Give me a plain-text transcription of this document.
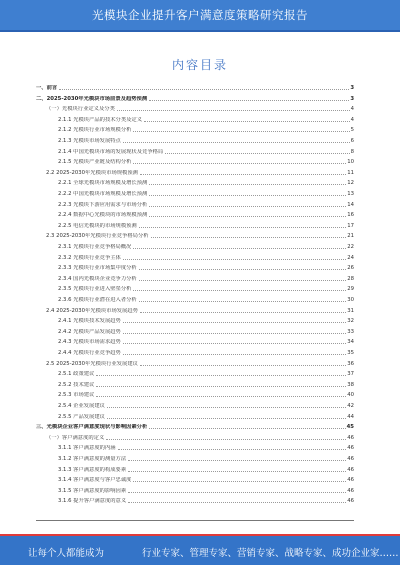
光模块企业提升客户满意度策略研究报告
内容目录
一、前言	3
二、2025-2030年光模块市场前景及趋势预测	3
（一）光模块行业定义及分类	4
2.1.1 光模块产品的技术分类及定义	4
2.1.2 光模块行业市场规模分析	5
2.1.3 光模块市场发展特点	6
2.1.4 中国光模块市场的发展现状及竞争格局	8
2.1.5 光模块产业链及结构分析	10
2.2 2025-2030年光模块市场规模预测	11
2.2.1 全球光模块市场规模及增长预测	12
2.2.2 中国光模块市场规模及增长预测	13
2.2.3 光模块下游应用需求与市场分析	14
2.2.4 数据中心光模块的市场规模预测	16
2.2.5 电信光模块的市场规模预测	17
2.3 2025-2030年光模块行业竞争格局分析	21
2.3.1 光模块行业竞争格局概况	22
2.3.2 光模块行业竞争主体	24
2.3.3 光模块行业市场集中度分析	26
2.3.4 国内光模块企业竞争力分析	28
2.3.5 光模块行业进入壁垒分析	29
2.3.6 光模块行业潜在进入者分析	30
2.4 2025-2030年光模块市场发展趋势	31
2.4.1 光模块技术发展趋势	32
2.4.2 光模块产品发展趋势	33
2.4.3 光模块市场需求趋势	34
2.4.4 光模块行业竞争趋势	35
2.5 2025-2030年光模块行业发展建议	36
2.5.1 政策建议	37
2.5.2 技术建议	38
2.5.3 市场建议	40
2.5.4 企业发展建议	42
2.5.5 产品发展建议	44
三、光模块企业客户满意度现状与影响因素分析	45
（一）客户满意度的定义	46
3.1.1 客户满意度的内涵	46
3.1.2 客户满意度的测量方法	46
3.1.3 客户满意度的构成要素	46
3.1.4 客户满意度与客户忠诚度	46
3.1.5 客户满意度的影响因素	46
3.1.6 提升客户满意度的意义	46
让每个人都能成为	行业专家、管理专家、营销专家、战略专家、成功企业家……
